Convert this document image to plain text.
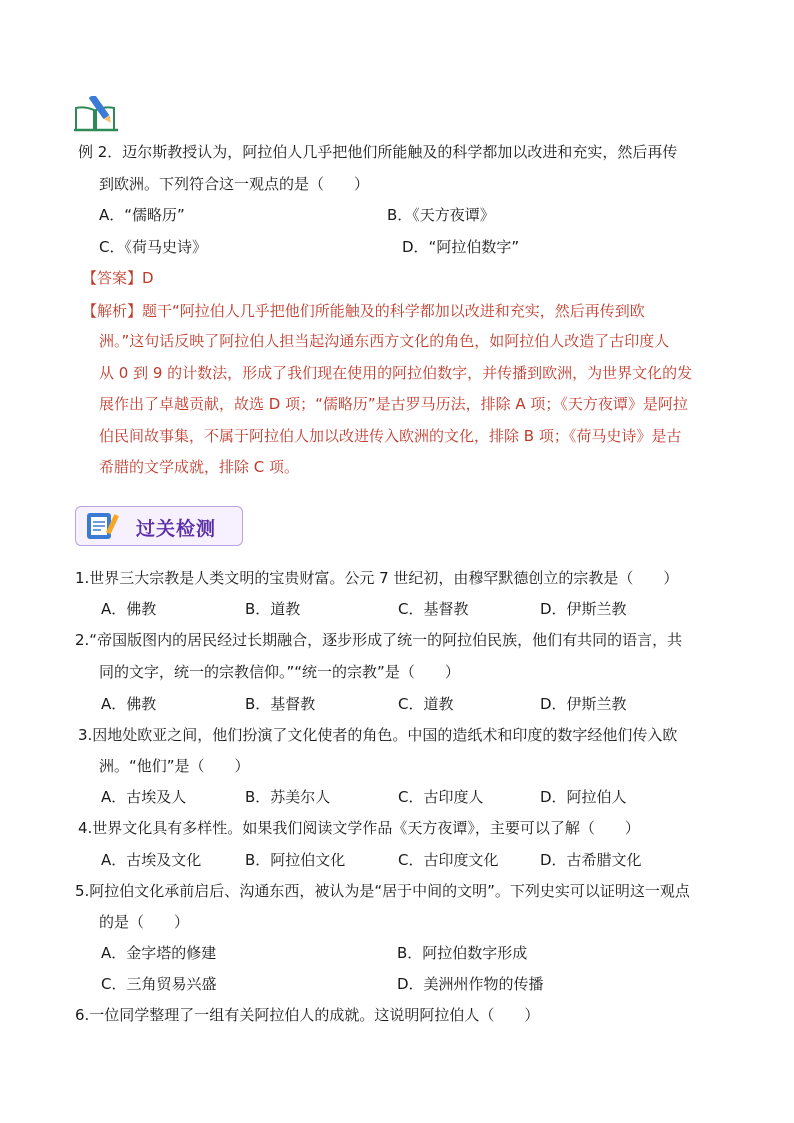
例 2．迈尔斯教授认为，阿拉伯人几乎把他们所能触及的科学都加以改进和充实，然后再传
到欧洲。下列符合这一观点的是（　　）
A．“儒略历”	B．《天方夜谭》
C．《荷马史诗》	D．“阿拉伯数字”
【答案】D
【解析】题干“阿拉伯人几乎把他们所能触及的科学都加以改进和充实，然后再传到欧
洲。”这句话反映了阿拉伯人担当起沟通东西方文化的角色，如阿拉伯人改造了古印度人
从 0 到 9 的计数法，形成了我们现在使用的阿拉伯数字，并传播到欧洲，为世界文化的发
展作出了卓越贡献，故选 D 项；“儒略历”是古罗马历法，排除 A 项；《天方夜谭》是阿拉
伯民间故事集，不属于阿拉伯人加以改进传入欧洲的文化，排除 B 项；《荷马史诗》是古
希腊的文学成就，排除 C 项。
过关检测
1.世界三大宗教是人类文明的宝贵财富。公元 7 世纪初，由穆罕默德创立的宗教是（　　）
A．佛教	B．道教	C．基督教	D．伊斯兰教
2.“帝国版图内的居民经过长期融合，逐步形成了统一的阿拉伯民族，他们有共同的语言，共
同的文字，统一的宗教信仰。”“统一的宗教”是（　　）
A．佛教	B．基督教	C．道教	D．伊斯兰教
3.因地处欧亚之间，他们扮演了文化使者的角色。中国的造纸术和印度的数字经他们传入欧
洲。“他们”是（　　）
A．古埃及人	B．苏美尔人	C．古印度人	D．阿拉伯人
4.世界文化具有多样性。如果我们阅读文学作品《天方夜谭》，主要可以了解（　　）
A．古埃及文化	B．阿拉伯文化	C．古印度文化	D．古希腊文化
5.阿拉伯文化承前启后、沟通东西，被认为是“居于中间的文明”。下列史实可以证明这一观点
的是（　　）
A．金字塔的修建	B．阿拉伯数字形成
C．三角贸易兴盛	D．美洲州作物的传播
6.一位同学整理了一组有关阿拉伯人的成就。这说明阿拉伯人（　　）
